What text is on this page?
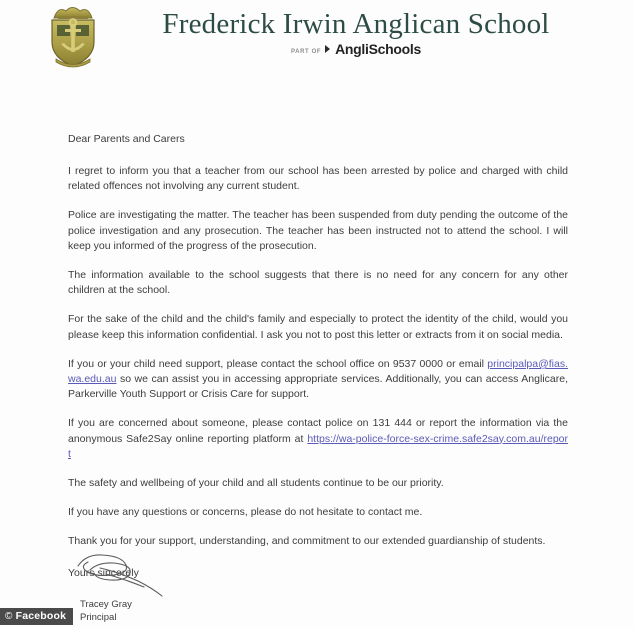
Frederick Irwin Anglican School
PART OF AngliSchools
Dear Parents and Carers

I regret to inform you that a teacher from our school has been arrested by police and charged with child related offences not involving any current student.

Police are investigating the matter. The teacher has been suspended from duty pending the outcome of the police investigation and any prosecution. The teacher has been instructed not to attend the school. I will keep you informed of the progress of the prosecution.

The information available to the school suggests that there is no need for any concern for any other children at the school.

For the sake of the child and the child's family and especially to protect the identity of the child, would you please keep this information confidential. I ask you not to post this letter or extracts from it on social media.

If you or your child need support, please contact the school office on 9537 0000 or email principalpa@fias.wa.edu.au so we can assist you in accessing appropriate services. Additionally, you can access Anglicare, Parkerville Youth Support or Crisis Care for support.

If you are concerned about someone, please contact police on 131 444 or report the information via the anonymous Safe2Say online reporting platform at https://wa-police-force-sex-crime.safe2say.com.au/report

The safety and wellbeing of your child and all students continue to be our priority.

If you have any questions or concerns, please do not hesitate to contact me.

Thank you for your support, understanding, and commitment to our extended guardianship of students.

Yours sincerely
Tracey Gray
Principal
© Facebook
